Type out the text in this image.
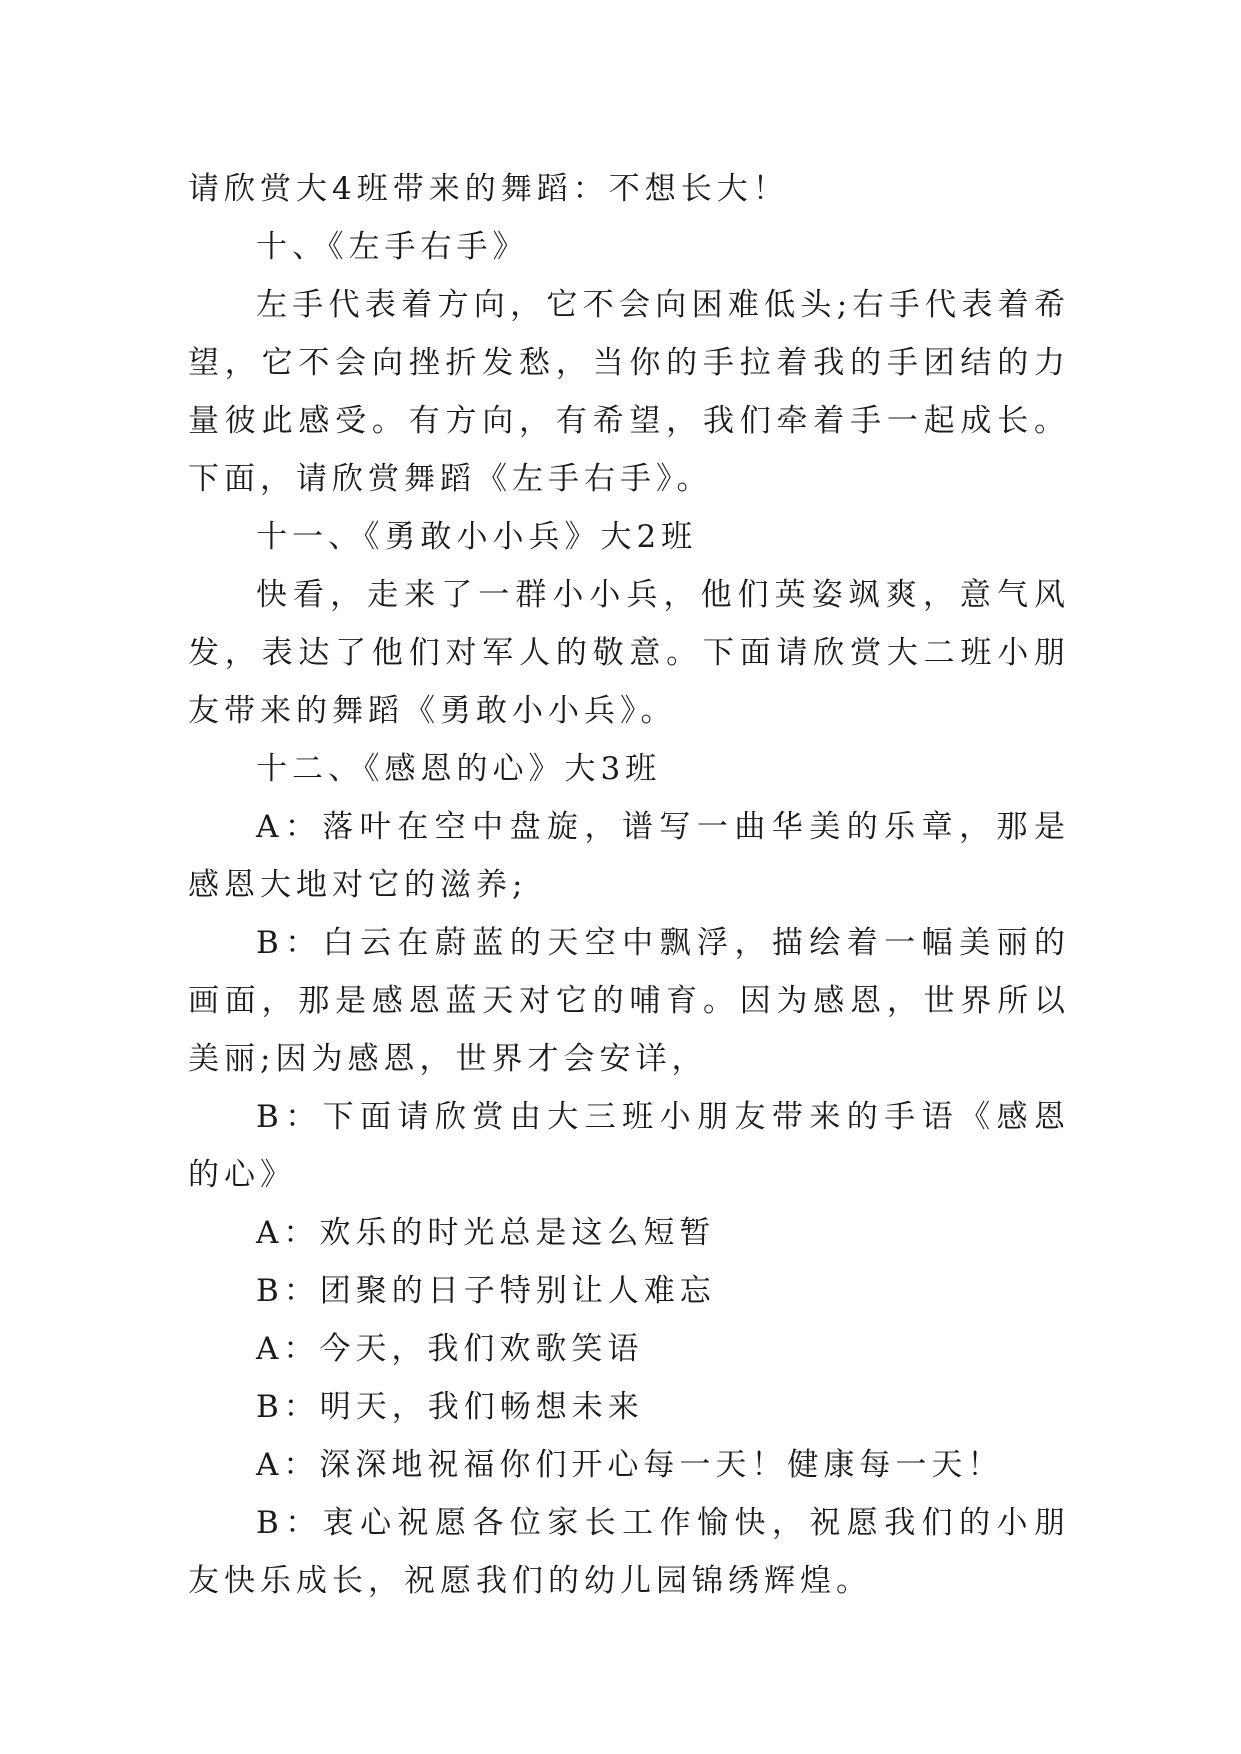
请欣赏大4班带来的舞蹈：不想长大！

十、《左手右手》

左手代表着方向，它不会向困难低头;右手代表着希望，它不会向挫折发愁，当你的手拉着我的手团结的力量彼此感受。有方向，有希望，我们牵着手一起成长。下面，请欣赏舞蹈《左手右手》。

十一、《勇敢小小兵》大2班

快看，走来了一群小小兵，他们英姿飒爽，意气风发，表达了他们对军人的敬意。下面请欣赏大二班小朋友带来的舞蹈《勇敢小小兵》。

十二、《感恩的心》大3班

A：落叶在空中盘旋，谱写一曲华美的乐章，那是感恩大地对它的滋养;

B：白云在蔚蓝的天空中飘浮，描绘着一幅美丽的画面，那是感恩蓝天对它的哺育。因为感恩，世界所以美丽;因为感恩，世界才会安详，

B：下面请欣赏由大三班小朋友带来的手语《感恩的心》

A：欢乐的时光总是这么短暂

B：团聚的日子特别让人难忘

A：今天，我们欢歌笑语

B：明天，我们畅想未来

A：深深地祝福你们开心每一天！健康每一天！

B：衷心祝愿各位家长工作愉快，祝愿我们的小朋友快乐成长，祝愿我们的幼儿园锦绣辉煌。
